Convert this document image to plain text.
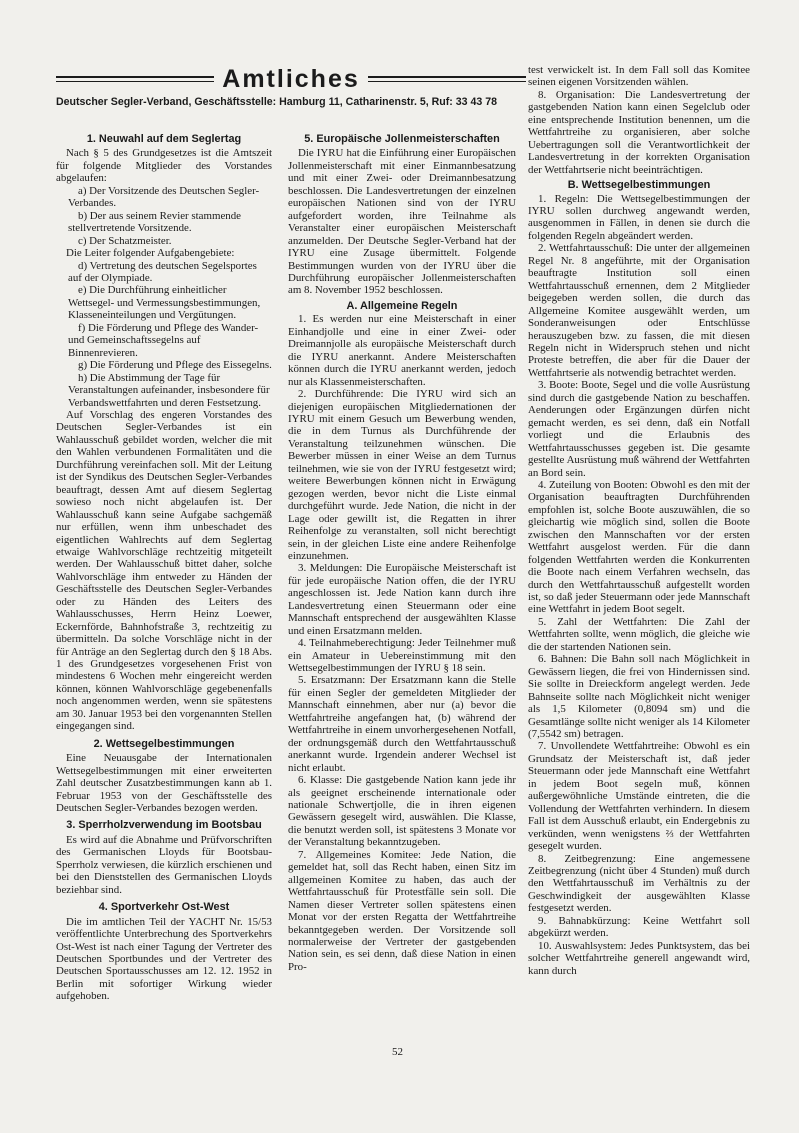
Amtliches
Deutscher Segler-Verband, Geschäftsstelle: Hamburg 11, Catharinenstr. 5, Ruf: 33 43 78
1. Neuwahl auf dem Seglertag

Nach § 5 des Grundgesetzes ist die Amtszeit für folgende Mitglieder des Vorstandes abgelaufen:

a) Der Vorsitzende des Deutschen Segler-Verbandes.

b) Der aus seinem Revier stammende stellvertretende Vorsitzende.

c) Der Schatzmeister.

Die Leiter folgender Aufgabengebiete:

d) Vertretung des deutschen Segelsportes auf der Olympiade.

e) Die Durchführung einheitlicher Wettsegel- und Vermessungsbestimmungen, Klasseneinteilungen und Vergütungen.

f) Die Förderung und Pflege des Wander- und Gemeinschaftssegelns auf Binnenrevieren.

g) Die Förderung und Pflege des Eissegelns.

h) Die Abstimmung der Tage für Veranstaltungen aufeinander, insbesondere für Verbandswettfahrten und deren Festsetzung.

Auf Vorschlag des engeren Vorstandes des Deutschen Segler-Verbandes ist ein Wahlausschuß gebildet worden, welcher die mit den Wahlen verbundenen Formalitäten und die Durchführung vereinfachen soll. Mit der Leitung ist der Syndikus des Deutschen Segler-Verbandes beauftragt, dessen Amt auf diesem Seglertag sowieso noch nicht abgelaufen ist. Der Wahlausschuß kann seine Aufgabe sachgemäß nur erfüllen, wenn ihm unbeschadet des eigentlichen Wahlrechts auf dem Seglertag etwaige Wahlvorschläge rechtzeitig mitgeteilt werden. Der Wahlausschuß bittet daher, solche Wahlvorschläge ihm entweder zu Händen der Geschäftsstelle des Deutschen Segler-Verbandes oder zu Händen des Leiters des Wahlausschusses, Herrn Heinz Loewer, Eckernförde, Bahnhofstraße 3, rechtzeitig zu übermitteln. Da solche Vorschläge nicht in der für Anträge an den Seglertag durch den § 18 Abs. 1 des Grundgesetzes vorgesehenen Frist von mindestens 6 Wochen mehr eingereicht werden können, können Wahlvorschläge gegebenenfalls noch angenommen werden, wenn sie spätestens am 30. Januar 1953 bei den vorgenannten Stellen eingegangen sind.

2. Wettsegelbestimmungen

Eine Neuausgabe der Internationalen Wettsegelbestimmungen mit einer erweiterten Zahl deutscher Zusatzbestimmungen kann ab 1. Februar 1953 von der Geschäftsstelle des Deutschen Segler-Verbandes bezogen werden.

3. Sperrholzverwendung im Bootsbau

Es wird auf die Abnahme und Prüfvorschriften des Germanischen Lloyds für Bootsbau-Sperrholz verwiesen, die kürzlich erschienen und bei den Dienststellen des Germanischen Lloyds beziehbar sind.

4. Sportverkehr Ost-West

Die im amtlichen Teil der YACHT Nr. 15/53 veröffentlichte Unterbrechung des Sportverkehrs Ost-West ist nach einer Tagung der Vertreter des Deutschen Sportbundes und der Vertreter des Deutschen Sportausschusses am 12. 12. 1952 in Berlin mit sofortiger Wirkung wieder aufgehoben.

5. Europäische Jollenmeisterschaften

Die IYRU hat die Einführung einer Europäischen Jollenmeisterschaft mit einer Einmannbesatzung und mit einer Zwei- oder Dreimannbesatzung beschlossen. Die Landesvertretungen der einzelnen europäischen Nationen sind von der IYRU aufgefordert worden, ihre Teilnahme als Veranstalter einer europäischen Meisterschaft anzumelden. Der Deutsche Segler-Verband hat der IYRU eine Zusage übermittelt. Folgende Bestimmungen wurden von der IYRU über die Durchführung europäischer Jollenmeisterschaften am 8. November 1952 beschlossen.

A. Allgemeine Regeln

1. Es werden nur eine Meisterschaft in einer Einhandjolle und eine in einer Zwei- oder Dreimannjolle als europäische Meisterschaft durch die IYRU anerkannt. Andere Meisterschaften können durch die IYRU anerkannt werden, jedoch nur als Klassenmeisterschaften.

2. Durchführende: Die IYRU wird sich an diejenigen europäischen Mitgliedernationen der IYRU mit einem Gesuch um Bewerbung wenden, die in dem Turnus als Durchführende der Veranstaltung teilzunehmen wünschen. Die Bewerber müssen in einer Weise an dem Turnus teilnehmen, wie sie von der IYRU festgesetzt wird; weitere Bewerbungen können nicht in Erwägung gezogen werden, bevor nicht die Liste einmal durchgeführt wurde. Jede Nation, die nicht in der Lage oder gewillt ist, die Regatten in ihrer Reihenfolge zu veranstalten, soll nicht berechtigt sein, in der gleichen Liste eine andere Reihenfolge einzunehmen.

3. Meldungen: Die Europäische Meisterschaft ist für jede europäische Nation offen, die der IYRU angeschlossen ist. Jede Nation kann durch ihre Landesvertretung einen Steuermann oder eine Mannschaft entsprechend der ausgewählten Klasse und einen Ersatzmann melden.

4. Teilnahmeberechtigung: Jeder Teilnehmer muß ein Amateur in Uebereinstimmung mit den Wettsegelbestimmungen der IYRU § 18 sein.

5. Ersatzmann: Der Ersatzmann kann die Stelle für einen Segler der gemeldeten Mitglieder der Mannschaft einnehmen, aber nur (a) bevor die Wettfahrtreihe angefangen hat, (b) während der Wettfahrtreihe in einem unvorhergesehenen Notfall, der ordnungsgemäß durch den Wettfahrtausschuß anerkannt wurde. Irgendein anderer Wechsel ist nicht erlaubt.

6. Klasse: Die gastgebende Nation kann jede ihr als geeignet erscheinende internationale oder nationale Schwertjolle, die in ihren eigenen Gewässern gesegelt wird, auswählen. Die Klasse, die benutzt werden soll, ist spätestens 3 Monate vor der Veranstaltung bekanntzugeben.

7. Allgemeines Komitee: Jede Nation, die gemeldet hat, soll das Recht haben, einen Sitz im allgemeinen Komitee zu haben, das auch der Wettfahrtausschuß für Protestfälle sein soll. Die Namen dieser Vertreter sollen spätestens einen Monat vor der ersten Regatta der Wettfahrtreihe bekanntgegeben werden. Der Vorsitzende soll normalerweise der Vertreter der gastgebenden Nation sein, es sei denn, daß diese Nation in einen Pro-

test verwickelt ist. In dem Fall soll das Komitee seinen eigenen Vorsitzenden wählen.

8. Organisation: Die Landesvertretung der gastgebenden Nation kann einen Segelclub oder eine entsprechende Institution benennen, um die Wettfahrtreihe zu organisieren, aber solche Uebertragungen soll die Verantwortlichkeit der Landesvertretung in der korrekten Organisation der Wettfahrtserie nicht beeinträchtigen.

B. Wettsegelbestimmungen

1. Regeln: Die Wettsegelbestimmungen der IYRU sollen durchweg angewandt werden, ausgenommen in Fällen, in denen sie durch die folgenden Regeln abgeändert werden.

2. Wettfahrtausschuß: Die unter der allgemeinen Regel Nr. 8 angeführte, mit der Organisation beauftragte Institution soll einen Wettfahrtausschuß ernennen, dem 2 Mitglieder beigegeben werden sollen, die durch das Allgemeine Komitee ausgewählt werden, um Sonderanweisungen oder Entschlüsse herauszugeben bzw. zu fassen, die mit diesen Regeln nicht in Widerspruch stehen und nicht Proteste betreffen, die aber für die Dauer der Wettfahrtserie als notwendig betrachtet werden.

3. Boote: Boote, Segel und die volle Ausrüstung sind durch die gastgebende Nation zu beschaffen. Aenderungen oder Ergänzungen dürfen nicht gemacht werden, es sei denn, daß ein Notfall vorliegt und die Erlaubnis des Wettfahrtausschusses gegeben ist. Die gesamte gestellte Ausrüstung muß während der Wettfahrten an Bord sein.

4. Zuteilung von Booten: Obwohl es den mit der Organisation beauftragten Durchführenden empfohlen ist, solche Boote auszuwählen, die so gleichartig wie möglich sind, sollen die Boote zwischen den Mannschaften vor der ersten Wettfahrt ausgelost werden. Für die dann folgenden Wettfahrten werden die Konkurrenten die Boote nach einem Verfahren wechseln, das durch den Wettfahrtausschuß aufgestellt worden ist, so daß jeder Steuermann oder jede Mannschaft eine Wettfahrt in jedem Boot segelt.

5. Zahl der Wettfahrten: Die Zahl der Wettfahrten sollte, wenn möglich, die gleiche wie die der startenden Nationen sein.

6. Bahnen: Die Bahn soll nach Möglichkeit in Gewässern liegen, die frei von Hindernissen sind. Sie sollte in Dreieckform angelegt werden. Jede Bahnseite sollte nach Möglichkeit nicht weniger als 1,5 Kilometer (0,8094 sm) und die Gesamtlänge sollte nicht weniger als 14 Kilometer (7,5542 sm) betragen.

7. Unvollendete Wettfahrtreihe: Obwohl es ein Grundsatz der Meisterschaft ist, daß jeder Steuermann oder jede Mannschaft eine Wettfahrt in jedem Boot segeln muß, können außergewöhnliche Umstände eintreten, die die Vollendung der Wettfahrten verhindern. In diesem Fall ist dem Ausschuß erlaubt, ein Endergebnis zu verkünden, wenn wenigstens ⅔ der Wettfahrten gesegelt wurden.

8. Zeitbegrenzung: Eine angemessene Zeitbegrenzung (nicht über 4 Stunden) muß durch den Wettfahrtausschuß im Verhältnis zu der Geschwindigkeit der ausgewählten Klasse festgesetzt werden.

9. Bahnabkürzung: Keine Wettfahrt soll abgekürzt werden.

10. Auswahlsystem: Jedes Punktsystem, das bei solcher Wettfahrtreihe generell angewandt wird, kann durch

52
